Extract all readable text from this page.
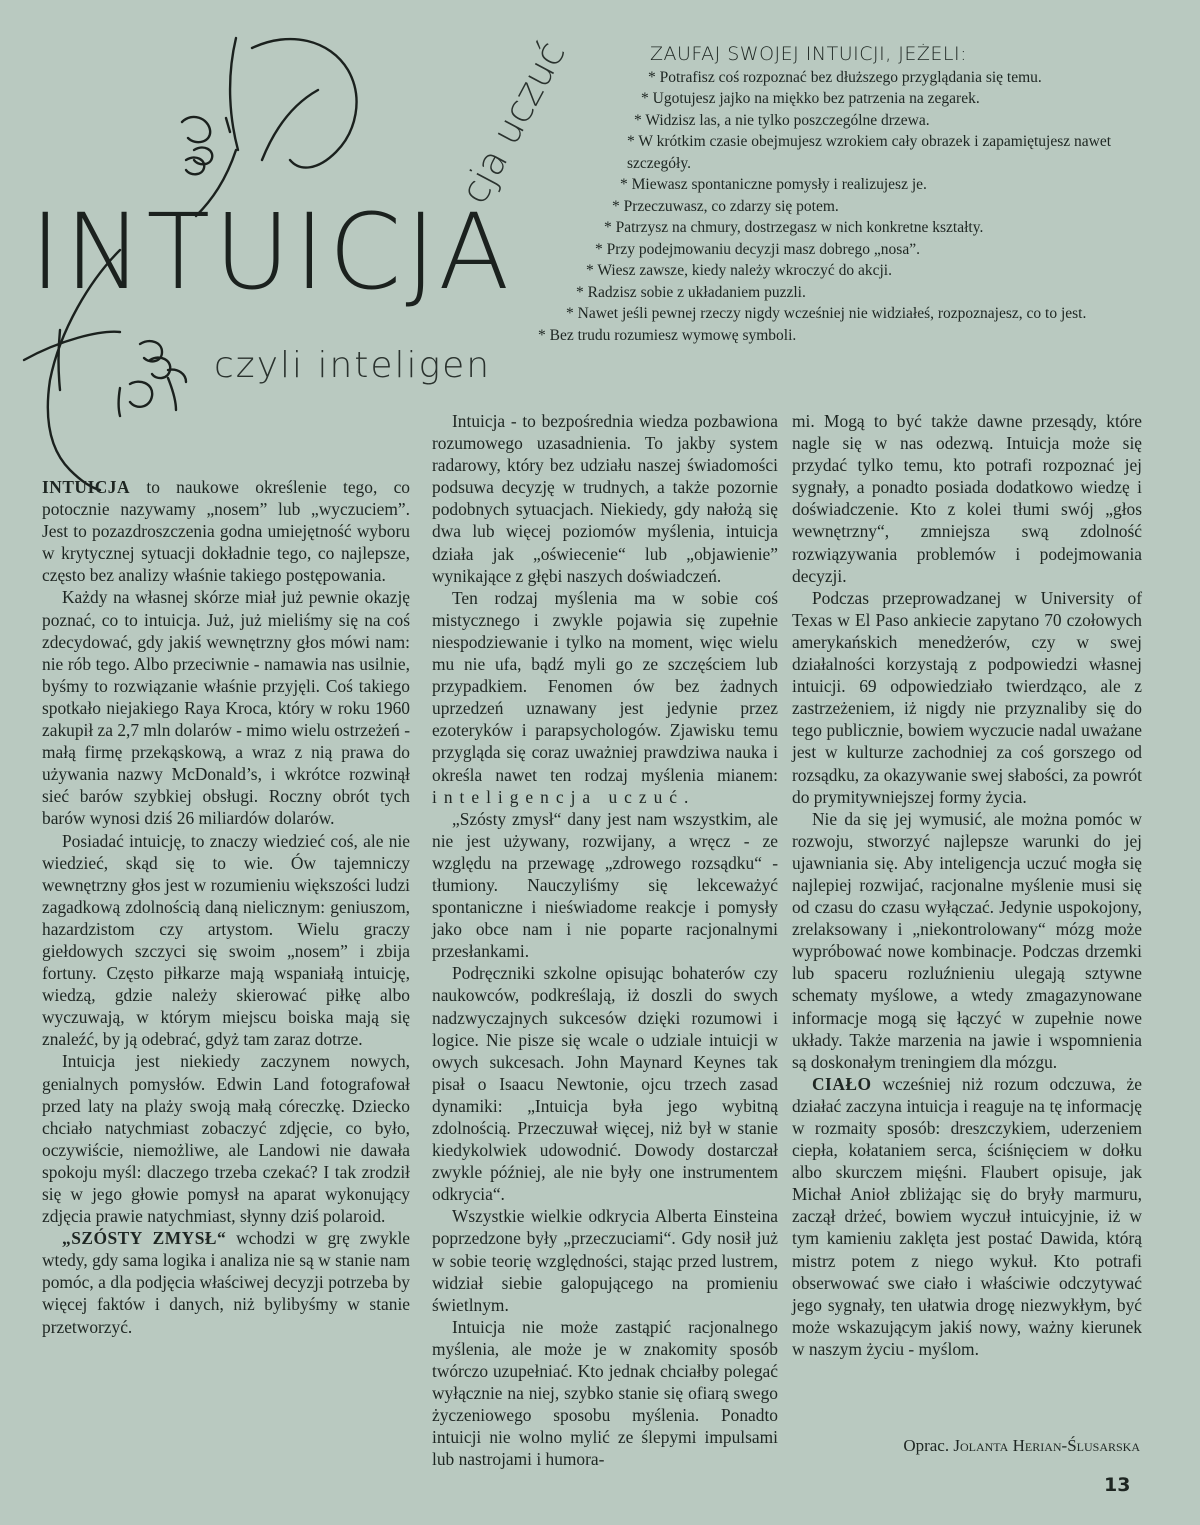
INTUICJA

czyli inteligen

cja uczuć	ZAUFAJ SWOJEJ INTUICJI, JEŻELI:
* Potrafisz coś rozpoznać bez dłuższego przyglądania się temu.
* Ugotujesz jajko na miękko bez patrzenia na zegarek.
* Widzisz las, a nie tylko poszczególne drzewa.
* W krótkim czasie obejmujesz wzrokiem cały obrazek i zapamiętujesz nawet szczegóły.
* Miewasz spontaniczne pomysły i realizujesz je.
* Przeczuwasz, co zdarzy się potem.
* Patrzysz na chmury, dostrzegasz w nich konkretne kształty.
* Przy podejmowaniu decyzji masz dobrego „nosa”.
* Wiesz zawsze, kiedy należy wkroczyć do akcji.
* Radzisz sobie z układaniem puzzli.
* Nawet jeśli pewnej rzeczy nigdy wcześniej nie widziałeś, rozpoznajesz, co to jest.
* Bez trudu rozumiesz wymowę symboli.

INTUICJA to naukowe określenie tego, co potocznie nazywamy „nosem” lub „wyczuciem”. Jest to pozazdroszczenia godna umiejętność wyboru w krytycznej sytuacji dokładnie tego, co najlepsze, często bez analizy właśnie takiego postępowania.

Każdy na własnej skórze miał już pewnie okazję poznać, co to intuicja. Już, już mieliśmy się na coś zdecydować, gdy jakiś wewnętrzny głos mówi nam: nie rób tego. Albo przeciwnie - namawia nas usilnie, byśmy to rozwiązanie właśnie przyjęli. Coś takiego spotkało niejakiego Raya Kroca, który w roku 1960 zakupił za 2,7 mln dolarów - mimo wielu ostrzeżeń - małą firmę przekąskową, a wraz z nią prawa do używania nazwy McDonald’s, i wkrótce rozwinął sieć barów szybkiej obsługi. Roczny obrót tych barów wynosi dziś 26 miliardów dolarów.

Posiadać intuicję, to znaczy wiedzieć coś, ale nie wiedzieć, skąd się to wie. Ów tajemniczy wewnętrzny głos jest w rozumieniu większości ludzi zagadkową zdolnością daną nielicznym: geniuszom, hazardzistom czy artystom. Wielu graczy giełdowych szczyci się swoim „nosem” i zbija fortuny. Często piłkarze mają wspaniałą intuicję, wiedzą, gdzie należy skierować piłkę albo wyczuwają, w którym miejscu boiska mają się znaleźć, by ją odebrać, gdyż tam zaraz dotrze.

Intuicja jest niekiedy zaczynem nowych, genialnych pomysłów. Edwin Land fotografował przed laty na plaży swoją małą córeczkę. Dziecko chciało natychmiast zobaczyć zdjęcie, co było, oczywiście, niemożliwe, ale Landowi nie dawała spokoju myśl: dlaczego trzeba czekać? I tak zrodził się w jego głowie pomysł na aparat wykonujący zdjęcia prawie natychmiast, słynny dziś polaroid.

„SZÓSTY ZMYSŁ“ wchodzi w grę zwykle wtedy, gdy sama logika i analiza nie są w stanie nam pomóc, a dla podjęcia właściwej decyzji potrzeba by więcej faktów i danych, niż bylibyśmy w stanie przetworzyć.

Intuicja - to bezpośrednia wiedza pozbawiona rozumowego uzasadnienia. To jakby system radarowy, który bez udziału naszej świadomości podsuwa decyzję w trudnych, a także pozornie podobnych sytuacjach. Niekiedy, gdy nałożą się dwa lub więcej poziomów myślenia, intuicja działa jak „oświecenie“ lub „objawienie” wynikające z głębi naszych doświadczeń.

Ten rodzaj myślenia ma w sobie coś mistycznego i zwykle pojawia się zupełnie niespodziewanie i tylko na moment, więc wielu mu nie ufa, bądź myli go ze szczęściem lub przypadkiem. Fenomen ów bez żadnych uprzedzeń uznawany jest jedynie przez ezoteryków i parapsychologów. Zjawisku temu przygląda się coraz uważniej prawdziwa nauka i określa nawet ten rodzaj myślenia mianem: inteligencja uczuć.

„Szósty zmysł“ dany jest nam wszystkim, ale nie jest używany, rozwijany, a wręcz - ze względu na przewagę „zdrowego rozsądku“ - tłumiony. Nauczyliśmy się lekceważyć spontaniczne i nieświadome reakcje i pomysły jako obce nam i nie poparte racjonalnymi przesłankami.

Podręczniki szkolne opisując bohaterów czy naukowców, podkreślają, iż doszli do swych nadzwyczajnych sukcesów dzięki rozumowi i logice. Nie pisze się wcale o udziale intuicji w owych sukcesach. John Maynard Keynes tak pisał o Isaacu Newtonie, ojcu trzech zasad dynamiki: „Intuicja była jego wybitną zdolnością. Przeczuwał więcej, niż był w stanie kiedykolwiek udowodnić. Dowody dostarczał zwykle później, ale nie były one instrumentem odkrycia“.

Wszystkie wielkie odkrycia Alberta Einsteina poprzedzone były „przeczuciami“. Gdy nosił już w sobie teorię względności, stając przed lustrem, widział siebie galopującego na promieniu świetlnym.

Intuicja nie może zastąpić racjonalnego myślenia, ale może je w znakomity sposób twórczo uzupełniać. Kto jednak chciałby polegać wyłącznie na niej, szybko stanie się ofiarą swego życzeniowego sposobu myślenia. Ponadto intuicji nie wolno mylić ze ślepymi impulsami lub nastrojami i humora-

mi. Mogą to być także dawne przesądy, które nagle się w nas odezwą. Intuicja może się przydać tylko temu, kto potrafi rozpoznać jej sygnały, a ponadto posiada dodatkowo wiedzę i doświadczenie. Kto z kolei tłumi swój „głos wewnętrzny“, zmniejsza swą zdolność rozwiązywania problemów i podejmowania decyzji.

Podczas przeprowadzanej w University of Texas w El Paso ankiecie zapytano 70 czołowych amerykańskich menedżerów, czy w swej działalności korzystają z podpowiedzi własnej intuicji. 69 odpowiedziało twierdząco, ale z zastrzeżeniem, iż nigdy nie przyznaliby się do tego publicznie, bowiem wyczucie nadal uważane jest w kulturze zachodniej za coś gorszego od rozsądku, za okazywanie swej słabości, za powrót do prymitywniejszej formy życia.

Nie da się jej wymusić, ale można pomóc w rozwoju, stworzyć najlepsze warunki do jej ujawniania się. Aby inteligencja uczuć mogła się najlepiej rozwijać, racjonalne myślenie musi się od czasu do czasu wyłączać. Jedynie uspokojony, zrelaksowany i „niekontrolowany“ mózg może wypróbować nowe kombinacje. Podczas drzemki lub spaceru rozluźnieniu ulegają sztywne schematy myślowe, a wtedy zmagazynowane informacje mogą się łączyć w zupełnie nowe układy. Także marzenia na jawie i wspomnienia są doskonałym treningiem dla mózgu.

CIAŁO wcześniej niż rozum odczuwa, że działać zaczyna intuicja i reaguje na tę informację w rozmaity sposób: dreszczykiem, uderzeniem ciepła, kołataniem serca, ściśnięciem w dołku albo skurczem mięśni. Flaubert opisuje, jak Michał Anioł zbliżając się do bryły marmuru, zaczął drżeć, bowiem wyczuł intuicyjnie, iż w tym kamieniu zaklęta jest postać Dawida, którą mistrz potem z niego wykuł. Kto potrafi obserwować swe ciało i właściwie odczytywać jego sygnały, ten ułatwia drogę niezwykłym, być może wskazującym jakiś nowy, ważny kierunek w naszym życiu - myślom.

Oprac. Jolanta Herian-Ślusarska

13
